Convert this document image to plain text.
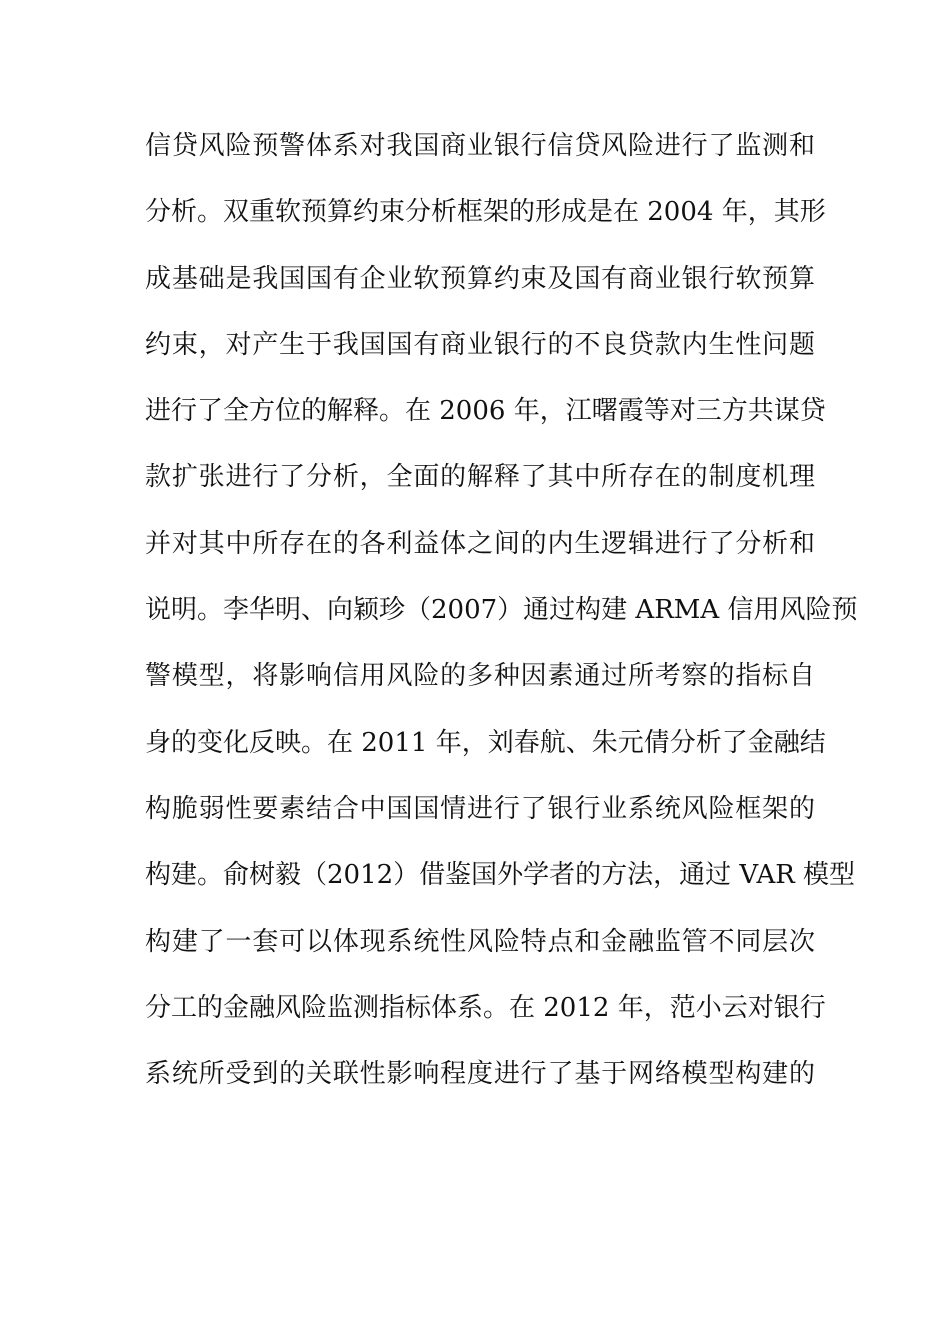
信贷风险预警体系对我国商业银行信贷风险进行了监测和
分析。双重软预算约束分析框架的形成是在 2004 年，其形
成基础是我国国有企业软预算约束及国有商业银行软预算
约束，对产生于我国国有商业银行的不良贷款内生性问题
进行了全方位的解释。在 2006 年，江曙霞等对三方共谋贷
款扩张进行了分析，全面的解释了其中所存在的制度机理
并对其中所存在的各利益体之间的内生逻辑进行了分析和
说明。李华明、向颖珍（2007）通过构建 ARMA 信用风险预
警模型，将影响信用风险的多种因素通过所考察的指标自
身的变化反映。在 2011 年，刘春航、朱元倩分析了金融结
构脆弱性要素结合中国国情进行了银行业系统风险框架的
构建。俞树毅（2012）借鉴国外学者的方法，通过 VAR 模型
构建了一套可以体现系统性风险特点和金融监管不同层次
分工的金融风险监测指标体系。在 2012 年，范小云对银行
系统所受到的关联性影响程度进行了基于网络模型构建的
